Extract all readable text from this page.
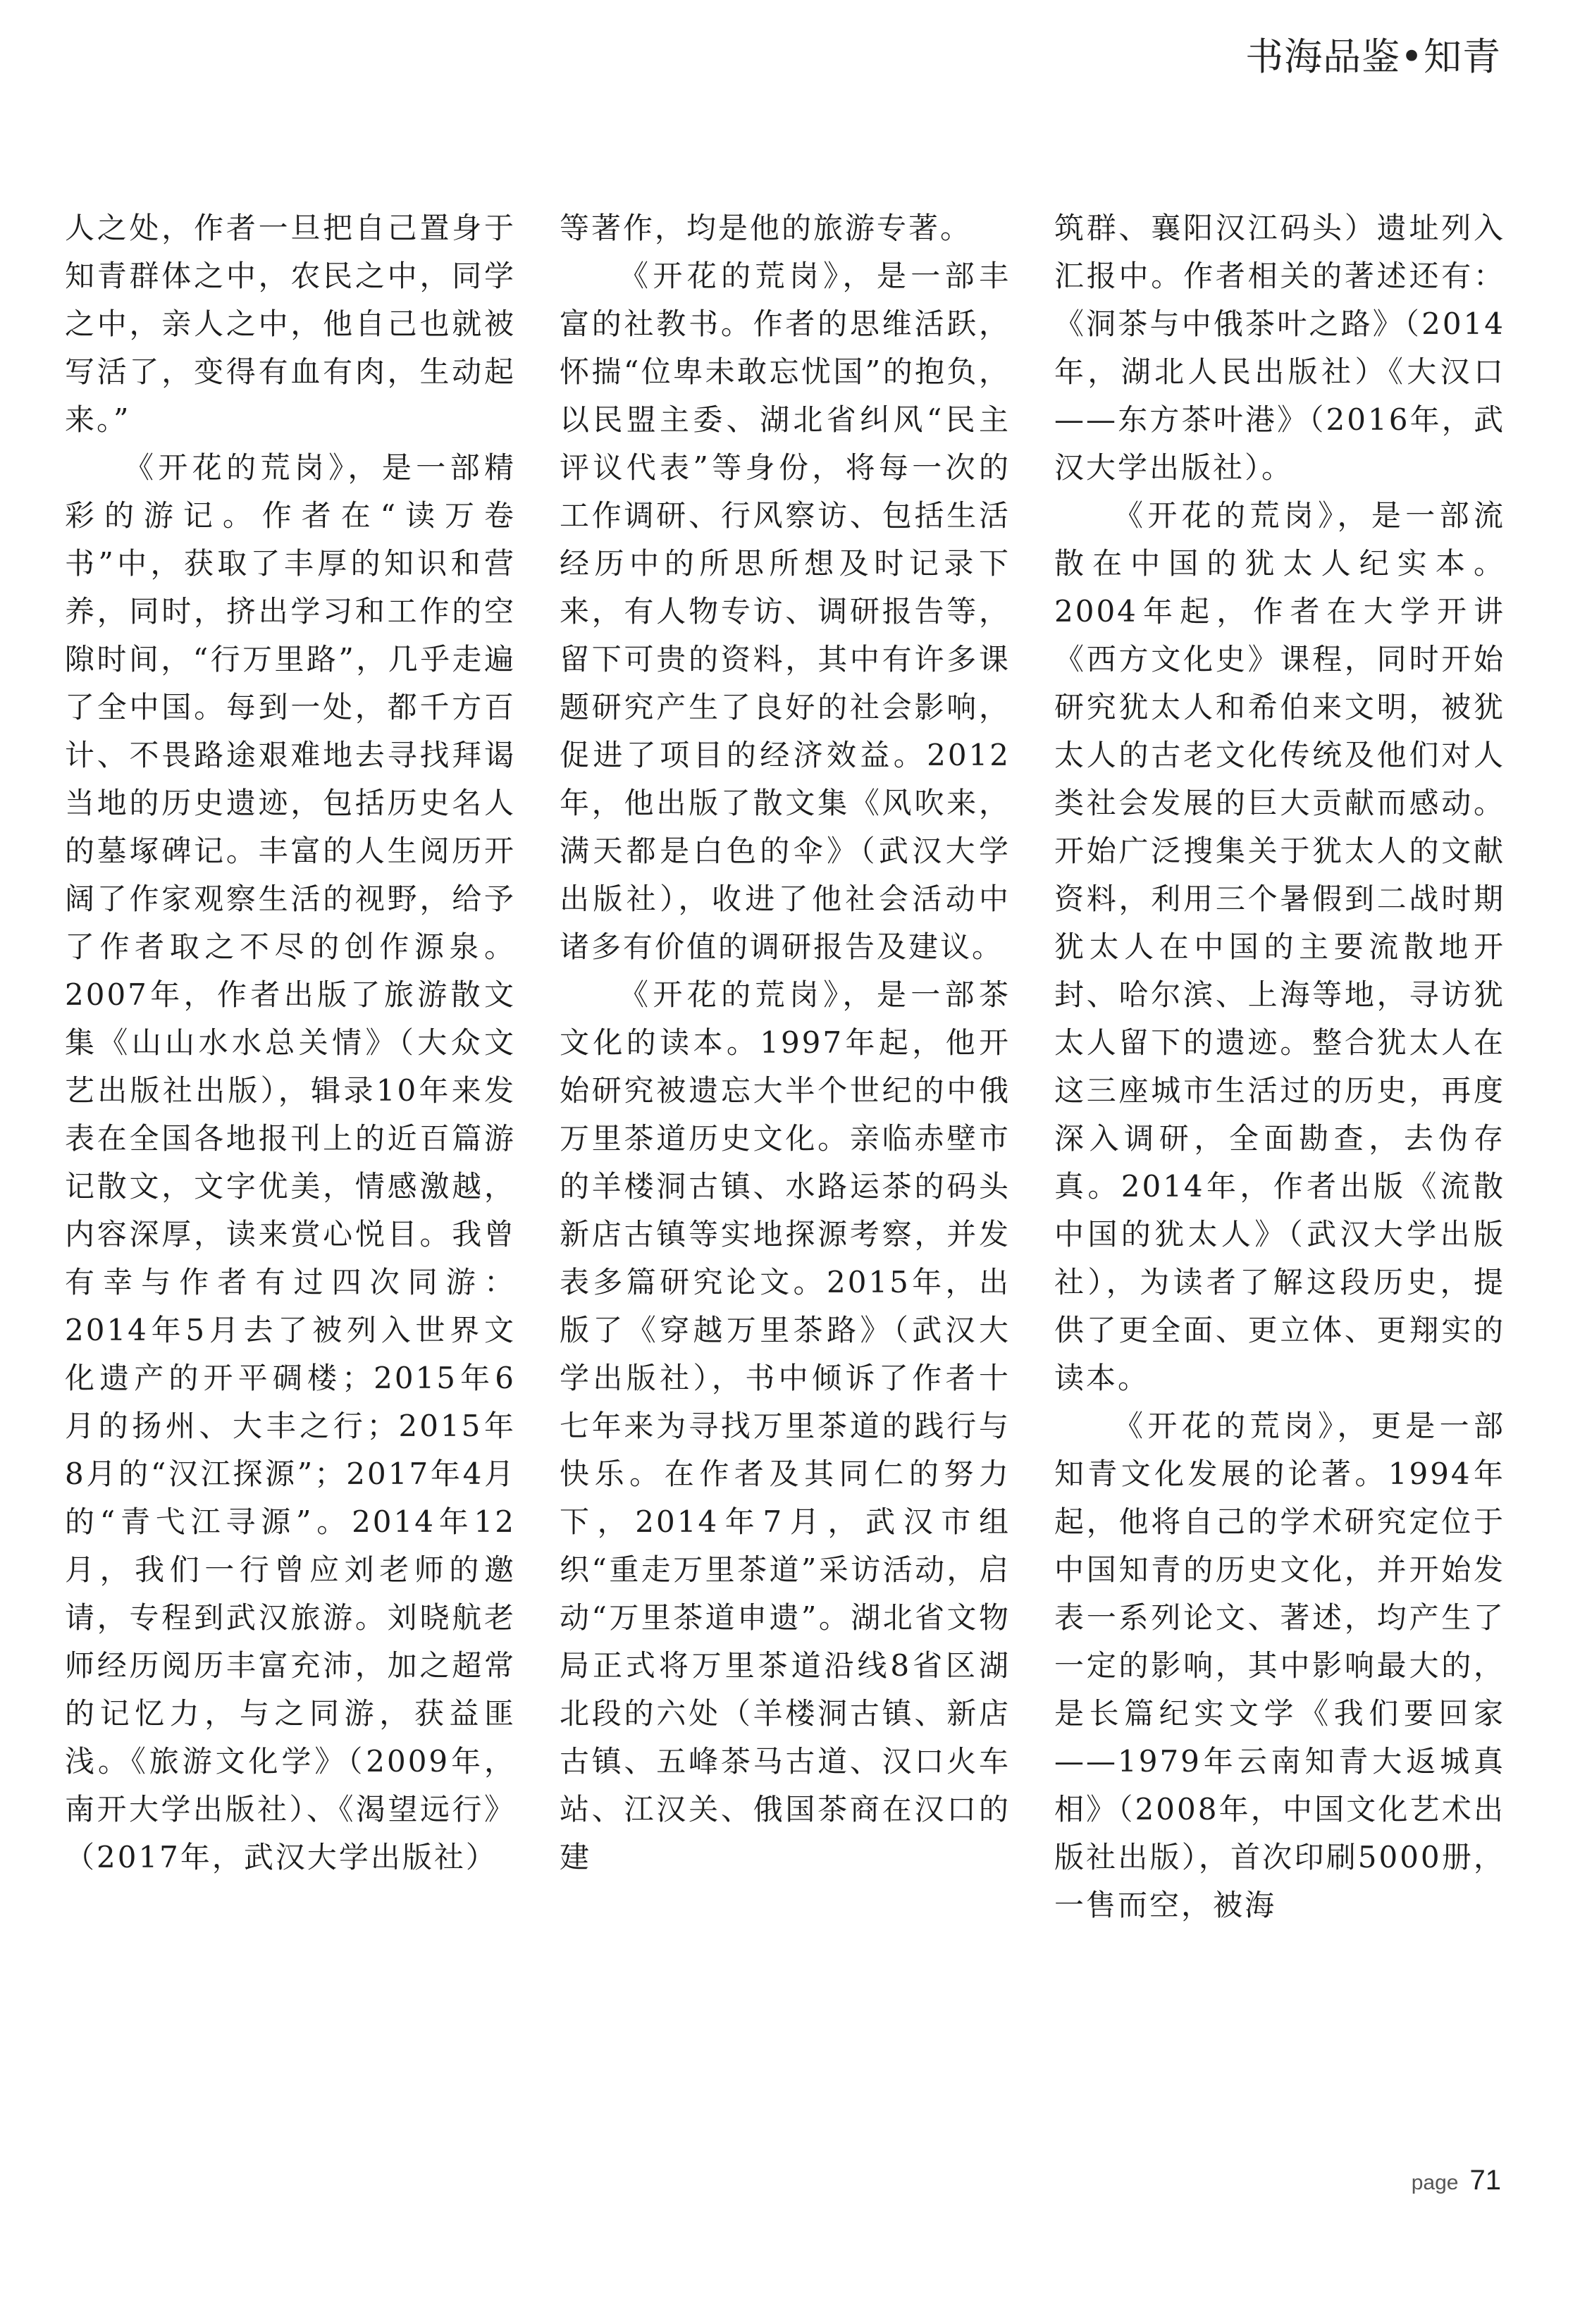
书海品鉴•知青

人之处，作者一旦把自己置身于知青群体之中，农民之中，同学之中，亲人之中，他自己也就被写活了，变得有血有肉，生动起来。”

《开花的荒岗》，是一部精彩的游记。作者在“读万卷书”中，获取了丰厚的知识和营养，同时，挤出学习和工作的空隙时间，“行万里路”，几乎走遍了全中国。每到一处，都千方百计、不畏路途艰难地去寻找拜谒当地的历史遗迹，包括历史名人的墓塚碑记。丰富的人生阅历开阔了作家观察生活的视野，给予了作者取之不尽的创作源泉。2007年，作者出版了旅游散文集《山山水水总关情》（大众文艺出版社出版），辑录10年来发表在全国各地报刊上的近百篇游记散文，文字优美，情感激越，内容深厚，读来赏心悦目。我曾有幸与作者有过四次同游：2014年5月去了被列入世界文化遗产的开平碉楼；2015年6月的扬州、大丰之行；2015年8月的“汉江探源”；2017年4月的“青弋江寻源”。2014年12月，我们一行曾应刘老师的邀请，专程到武汉旅游。刘晓航老师经历阅历丰富充沛，加之超常的记忆力，与之同游，获益匪浅。《旅游文化学》（2009年，南开大学出版社）、《渴望远行》（2017年，武汉大学出版社）

等著作，均是他的旅游专著。

《开花的荒岗》，是一部丰富的社教书。作者的思维活跃，怀揣“位卑未敢忘忧国”的抱负，以民盟主委、湖北省纠风“民主评议代表”等身份，将每一次的工作调研、行风察访、包括生活经历中的所思所想及时记录下来，有人物专访、调研报告等，留下可贵的资料，其中有许多课题研究产生了良好的社会影响，促进了项目的经济效益。2012年，他出版了散文集《风吹来，满天都是白色的伞》（武汉大学出版社），收进了他社会活动中诸多有价值的调研报告及建议。

《开花的荒岗》，是一部茶文化的读本。1997年起，他开始研究被遗忘大半个世纪的中俄万里茶道历史文化。亲临赤壁市的羊楼洞古镇、水路运茶的码头新店古镇等实地探源考察，并发表多篇研究论文。2015年，出版了《穿越万里茶路》（武汉大学出版社），书中倾诉了作者十七年来为寻找万里茶道的践行与快乐。在作者及其同仁的努力下，2014年7月，武汉市组织“重走万里茶道”采访活动，启动“万里茶道申遗”。湖北省文物局正式将万里茶道沿线8省区湖北段的六处（羊楼洞古镇、新店古镇、五峰茶马古道、汉口火车站、江汉关、俄国茶商在汉口的建

筑群、襄阳汉江码头）遗址列入汇报中。作者相关的著述还有：《洞茶与中俄茶叶之路》（2014年，湖北人民出版社）《大汉口——东方茶叶港》（2016年，武汉大学出版社）。

《开花的荒岗》，是一部流散在中国的犹太人纪实本。2004年起，作者在大学开讲《西方文化史》课程，同时开始研究犹太人和希伯来文明，被犹太人的古老文化传统及他们对人类社会发展的巨大贡献而感动。开始广泛搜集关于犹太人的文献资料，利用三个暑假到二战时期犹太人在中国的主要流散地开封、哈尔滨、上海等地，寻访犹太人留下的遗迹。整合犹太人在这三座城市生活过的历史，再度深入调研，全面勘查，去伪存真。2014年，作者出版《流散中国的犹太人》（武汉大学出版社），为读者了解这段历史，提供了更全面、更立体、更翔实的读本。

《开花的荒岗》，更是一部知青文化发展的论著。1994年起，他将自己的学术研究定位于中国知青的历史文化，并开始发表一系列论文、著述，均产生了一定的影响，其中影响最大的，是长篇纪实文学《我们要回家——1979年云南知青大返城真相》（2008年，中国文化艺术出版社出版），首次印刷5000册，一售而空，被海

page 71
